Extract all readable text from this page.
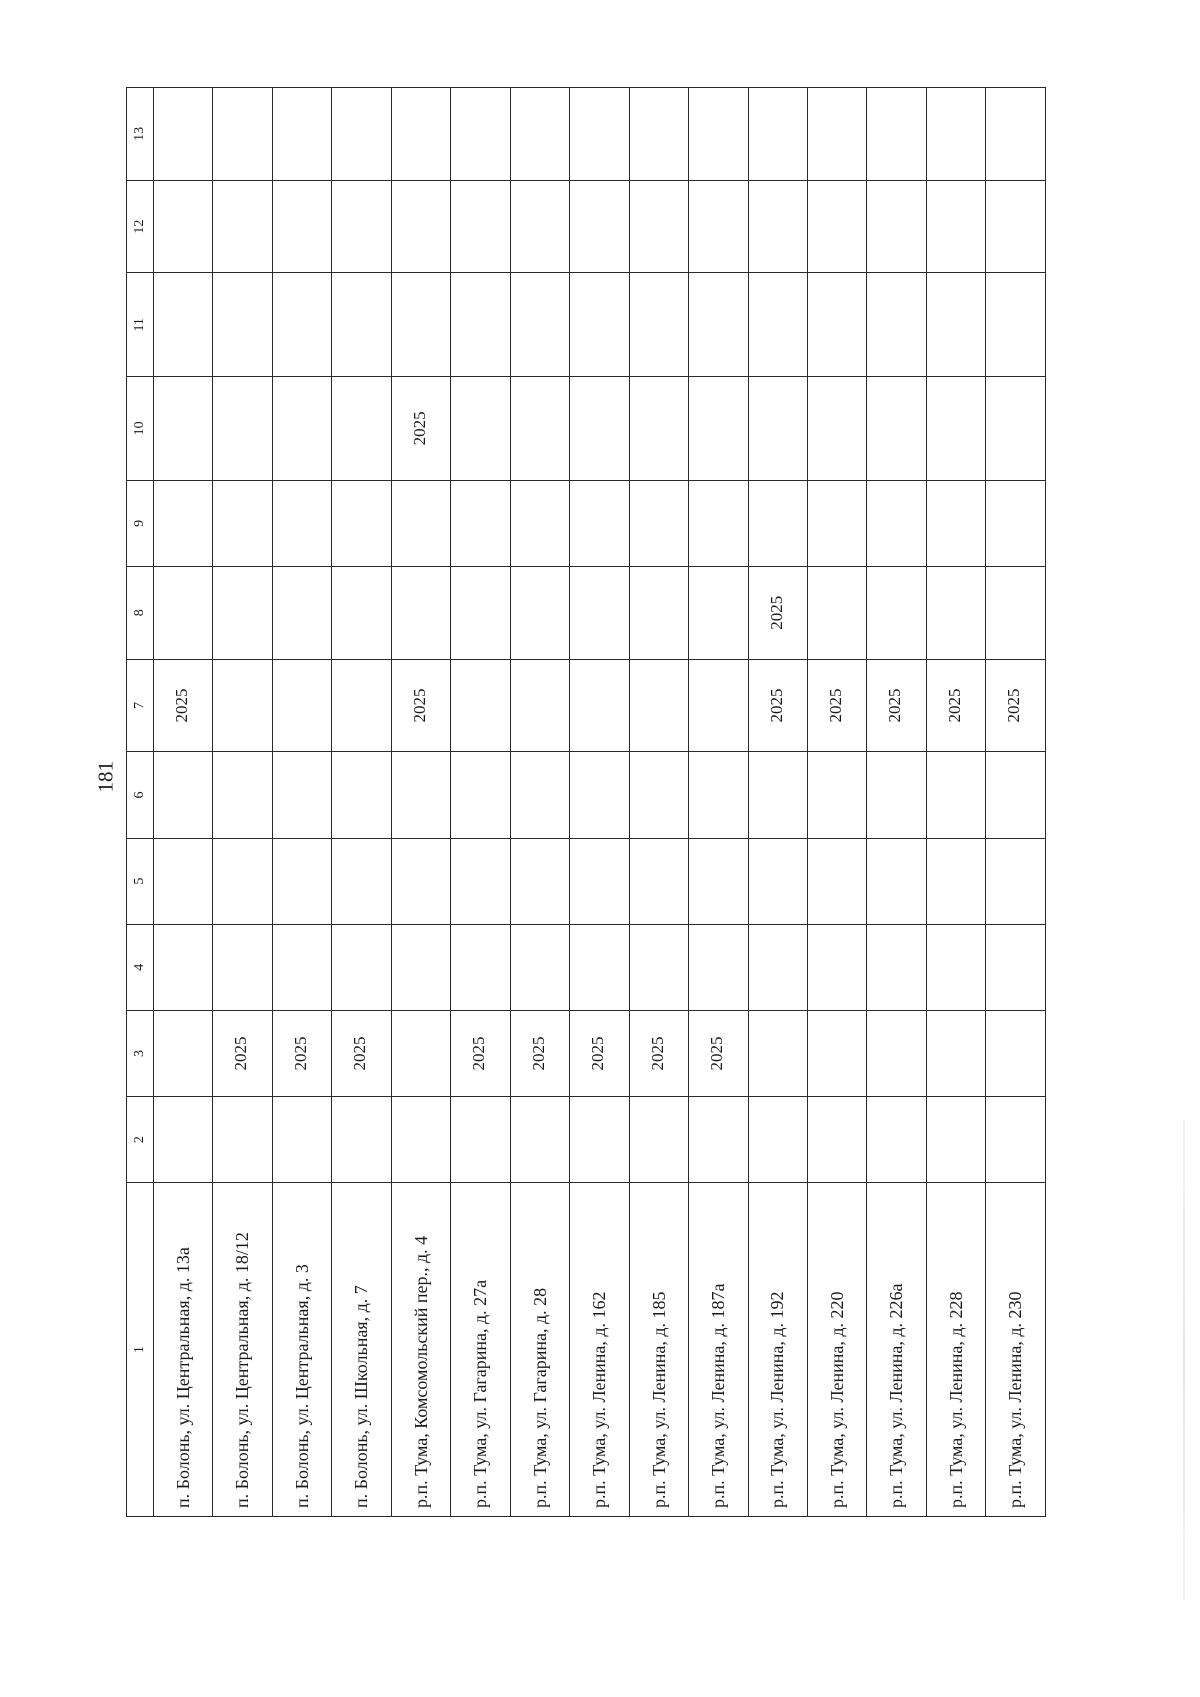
181
1	2	3	4	5	6	7	8	9	10	11	12	13
п. Болонь, ул. Центральная, д. 13а						2025						
п. Болонь, ул. Центральная, д. 18/12		2025										
п. Болонь, ул. Центральная, д. 3		2025										
п. Болонь, ул. Школьная, д. 7		2025										
р.п. Тума, Комсомольский пер., д. 4						2025			2025			
р.п. Тума, ул. Гагарина, д. 27а		2025										
р.п. Тума, ул. Гагарина, д. 28		2025										
р.п. Тума, ул. Ленина, д. 162		2025										
р.п. Тума, ул. Ленина, д. 185		2025										
р.п. Тума, ул. Ленина, д. 187а		2025										
р.п. Тума, ул. Ленина, д. 192						2025	2025					
р.п. Тума, ул. Ленина, д. 220						2025						
р.п. Тума, ул. Ленина, д. 226а						2025						
р.п. Тума, ул. Ленина, д. 228						2025						
р.п. Тума, ул. Ленина, д. 230						2025						
